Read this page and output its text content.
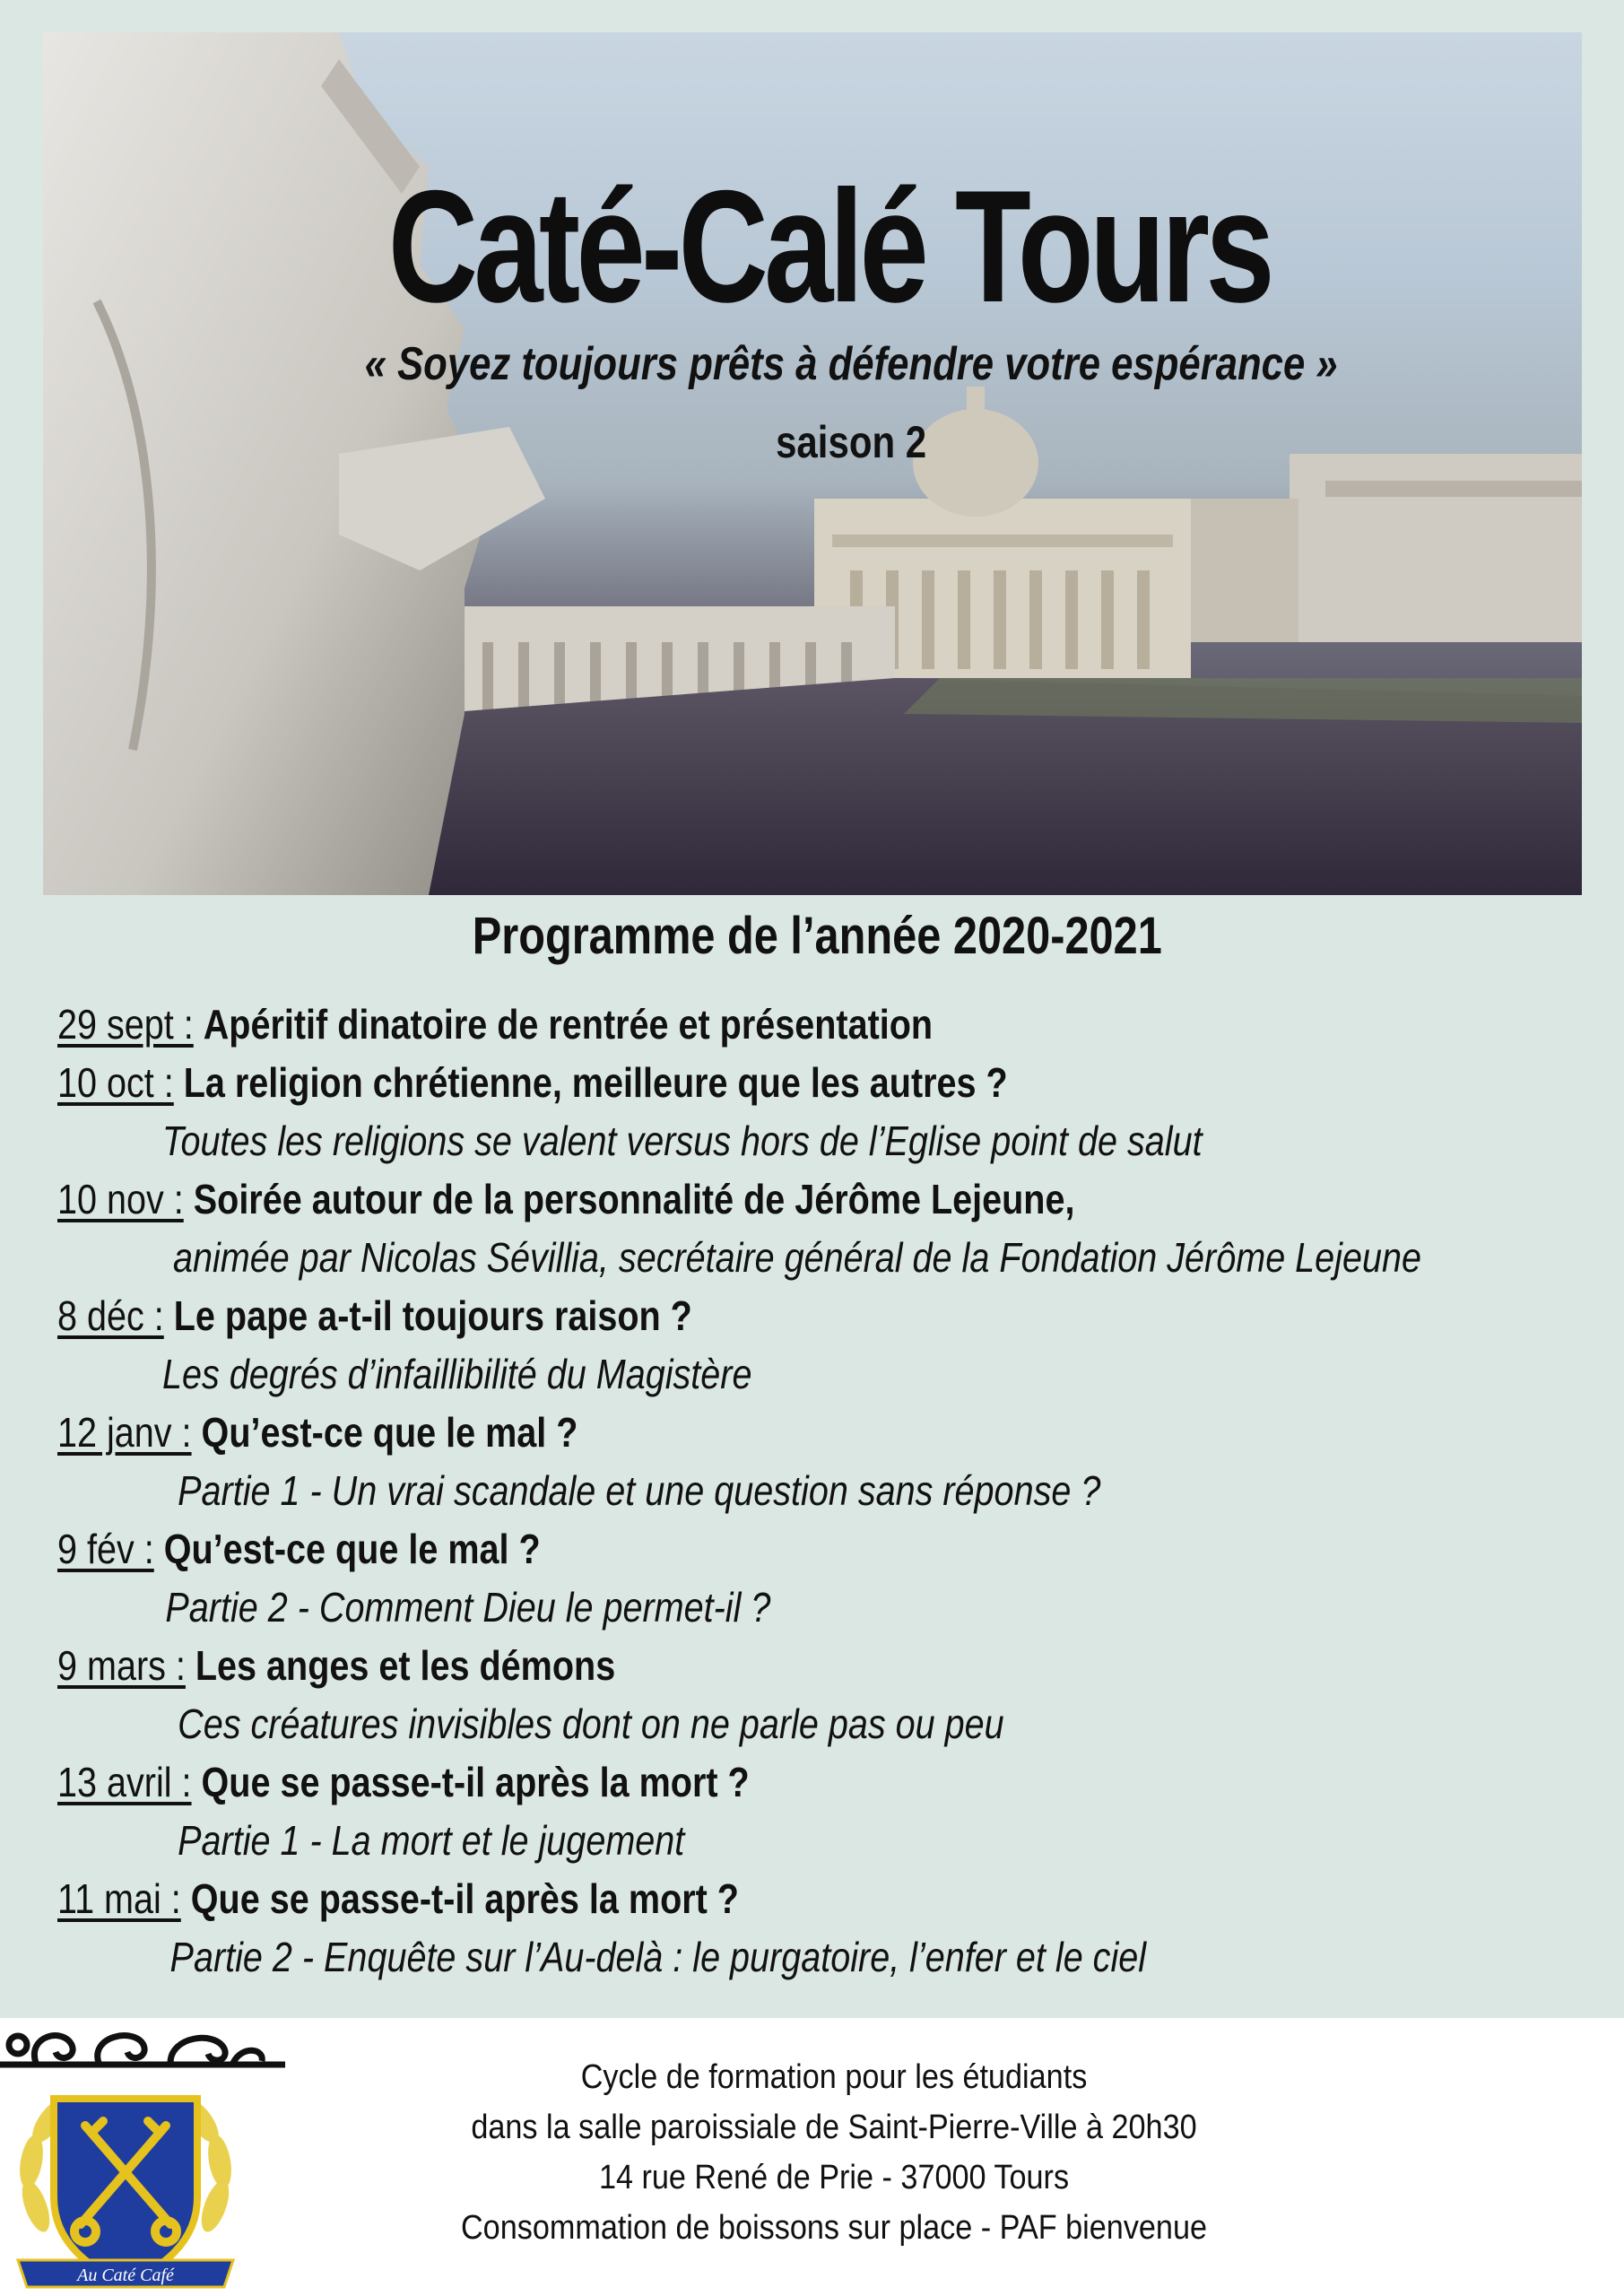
Caté-Calé Tours
« Soyez toujours prêts à défendre votre espérance »
saison 2
Programme de l’année 2020-2021
29 sept : Apéritif dinatoire de rentrée et présentation
10 oct : La religion chrétienne, meilleure que les autres ?
Toutes les religions se valent versus hors de l’Eglise point de salut
10 nov : Soirée autour de la personnalité de Jérôme Lejeune,
animée par Nicolas Sévillia, secrétaire général de la Fondation Jérôme Lejeune
8 déc : Le pape a-t-il toujours raison ?
Les degrés d’infaillibilité du Magistère
12 janv : Qu’est-ce que le mal ?
Partie 1 - Un vrai scandale et une question sans réponse ?
9 fév : Qu’est-ce que le mal ?
Partie 2 - Comment Dieu le permet-il ?
9 mars : Les anges et les démons
Ces créatures invisibles dont on ne parle pas ou peu
13 avril : Que se passe-t-il après la mort ?
Partie 1 - La mort et le jugement
11 mai : Que se passe-t-il après la mort ?
Partie 2 - Enquête sur l’Au-delà : le purgatoire, l’enfer et le ciel
Au Caté Café
Cycle de formation pour les étudiants
dans la salle paroissiale de Saint-Pierre-Ville à 20h30
14 rue René de Prie - 37000 Tours
Consommation de boissons sur place - PAF bienvenue
